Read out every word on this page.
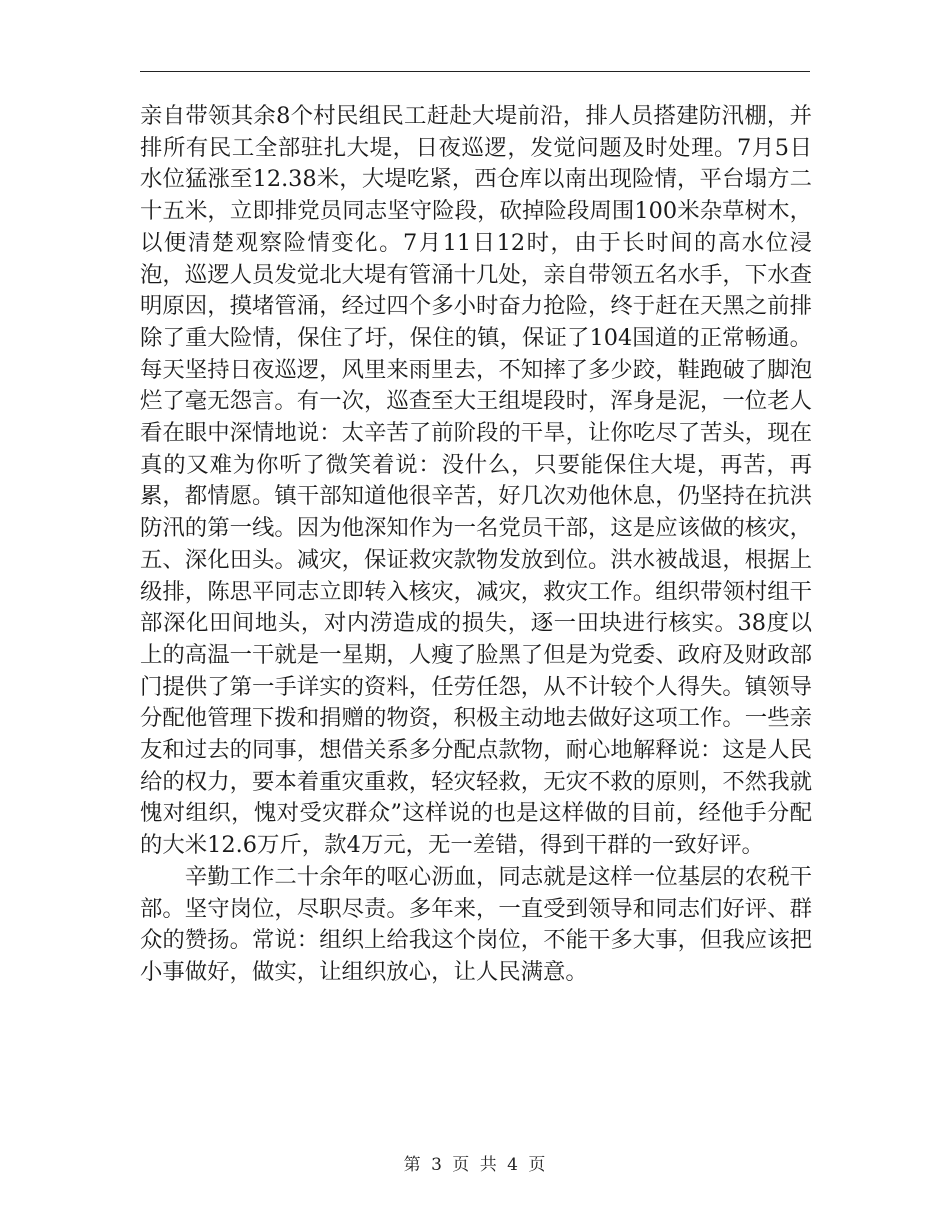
亲自带领其余8个村民组民工赶赴大堤前沿，排人员搭建防汛棚，并排所有民工全部驻扎大堤，日夜巡逻，发觉问题及时处理。7月5日水位猛涨至12.38米，大堤吃紧，西仓库以南出现险情，平台塌方二十五米，立即排党员同志坚守险段，砍掉险段周围100米杂草树木，以便清楚观察险情变化。7月11日12时，由于长时间的高水位浸泡，巡逻人员发觉北大堤有管涌十几处，亲自带领五名水手，下水查明原因，摸堵管涌，经过四个多小时奋力抢险，终于赶在天黑之前排除了重大险情，保住了圩，保住的镇，保证了104国道的正常畅通。每天坚持日夜巡逻，风里来雨里去，不知摔了多少跤，鞋跑破了脚泡烂了毫无怨言。有一次，巡查至大王组堤段时，浑身是泥，一位老人看在眼中深情地说：太辛苦了前阶段的干旱，让你吃尽了苦头，现在真的又难为你听了微笑着说：没什么，只要能保住大堤，再苦，再累，都情愿。镇干部知道他很辛苦，好几次劝他休息，仍坚持在抗洪防汛的第一线。因为他深知作为一名党员干部，这是应该做的核灾，五、深化田头。减灾，保证救灾款物发放到位。洪水被战退，根据上级排，陈思平同志立即转入核灾，减灾，救灾工作。组织带领村组干部深化田间地头，对内涝造成的损失，逐一田块进行核实。38度以上的高温一干就是一星期，人瘦了脸黑了但是为党委、政府及财政部门提供了第一手详实的资料，任劳任怨，从不计较个人得失。镇领导分配他管理下拨和捐赠的物资，积极主动地去做好这项工作。一些亲友和过去的同事，想借关系多分配点款物，耐心地解释说：这是人民给的权力，要本着重灾重救，轻灾轻救，无灾不救的原则，不然我就愧对组织，愧对受灾群众”这样说的也是这样做的目前，经他手分配的大米12.6万斤，款4万元，无一差错，得到干群的一致好评。

辛勤工作二十余年的呕心沥血，同志就是这样一位基层的农税干部。坚守岗位，尽职尽责。多年来，一直受到领导和同志们好评、群众的赞扬。常说：组织上给我这个岗位，不能干多大事，但我应该把小事做好，做实，让组织放心，让人民满意。

第 3 页 共 4 页
